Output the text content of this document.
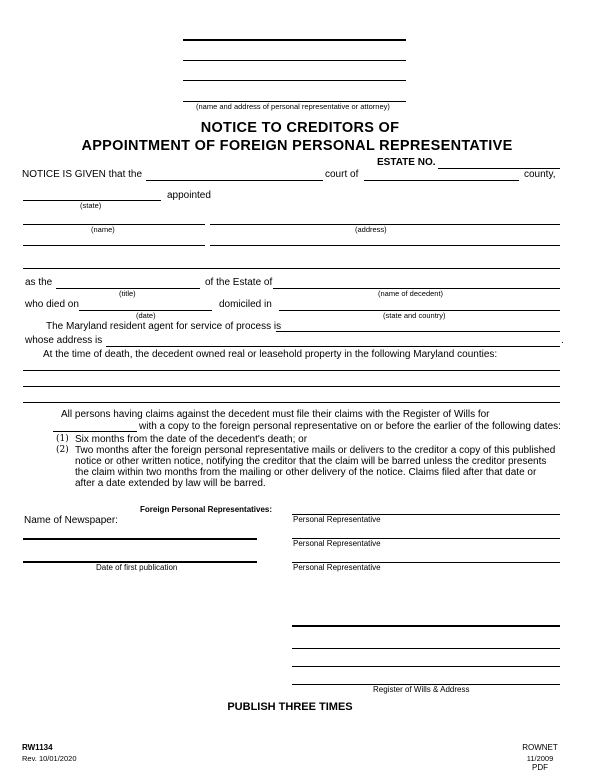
(name and address of personal representative or attorney)
NOTICE TO CREDITORS OF
APPOINTMENT OF FOREIGN PERSONAL REPRESENTATIVE
ESTATE NO.
NOTICE IS GIVEN that the	court of	county,
appointed
(state)
(name)	(address)
as the	of the Estate of
(title)	(name of decedent)
who died on	domiciled in
(date)	(state and country)
The Maryland resident agent for service of process is
whose address is	.
At the time of death, the decedent owned real or leasehold property in the following Maryland counties:
All persons having claims against the decedent must file their claims with the Register of Wills for
with a copy to the foreign personal representative on or before the earlier of the following dates:
(1) Six months from the date of the decedent's death; or
(2) Two months after the foreign personal representative mails or delivers to the creditor a copy of this published
notice or other written notice, notifying the creditor that the claim will be barred unless the creditor presents
the claim within two months from the mailing or other delivery of the notice. Claims filed after that date or
after a date extended by law will be barred.
Foreign Personal Representatives:
Personal Representative
Name of Newspaper:
Personal Representative
Date of first publication	Personal Representative
Register of Wills & Address
PUBLISH THREE TIMES
RW1134
Rev. 10/01/2020
ROWNET
11/2009
PDF
